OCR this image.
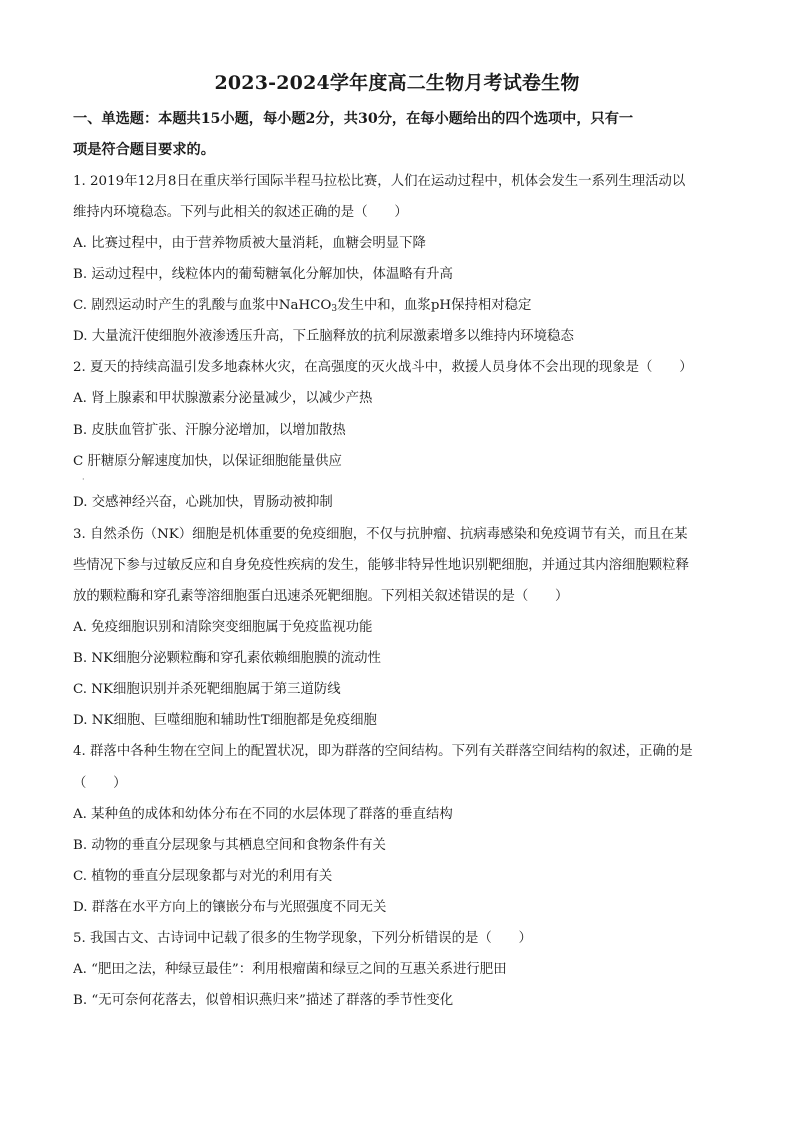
2023-2024学年度高二生物月考试卷生物
一、单选题：本题共15小题，每小题2分，共30分，在每小题给出的四个选项中，只有一
项是符合题目要求的。
1. 2019年12月8日在重庆举行国际半程马拉松比赛，人们在运动过程中，机体会发生一系列生理活动以
维持内环境稳态。下列与此相关的叙述正确的是（　　）
A. 比赛过程中，由于营养物质被大量消耗，血糖会明显下降
B. 运动过程中，线粒体内的葡萄糖氧化分解加快，体温略有升高
C. 剧烈运动时产生的乳酸与血浆中NaHCO$_3$发生中和，血浆pH保持相对稳定
D. 大量流汗使细胞外液渗透压升高，下丘脑释放的抗利尿激素增多以维持内环境稳态
2. 夏天的持续高温引发多地森林火灾，在高强度的灭火战斗中，救援人员身体不会出现的现象是（　　）
A. 肾上腺素和甲状腺激素分泌量减少，以减少产热
B. 皮肤血管扩张、汗腺分泌增加，以增加散热
C 肝糖原分解速度加快，以保证细胞能量供应
·
D. 交感神经兴奋，心跳加快，胃肠动被抑制
3. 自然杀伤（NK）细胞是机体重要的免疫细胞，不仅与抗肿瘤、抗病毒感染和免疫调节有关，而且在某
些情况下参与过敏反应和自身免疫性疾病的发生，能够非特异性地识别靶细胞，并通过其内溶细胞颗粒释
放的颗粒酶和穿孔素等溶细胞蛋白迅速杀死靶细胞。下列相关叙述错误的是（　　）
A. 免疫细胞识别和清除突变细胞属于免疫监视功能
B. NK细胞分泌颗粒酶和穿孔素依赖细胞膜的流动性
C. NK细胞识别并杀死靶细胞属于第三道防线
D. NK细胞、巨噬细胞和辅助性T细胞都是免疫细胞
4. 群落中各种生物在空间上的配置状况，即为群落的空间结构。下列有关群落空间结构的叙述，正确的是
（　　）
A. 某种鱼的成体和幼体分布在不同的水层体现了群落的垂直结构
B. 动物的垂直分层现象与其栖息空间和食物条件有关
C. 植物的垂直分层现象都与对光的利用有关
D. 群落在水平方向上的镶嵌分布与光照强度不同无关
5. 我国古文、古诗词中记载了很多的生物学现象，下列分析错误的是（　　）
A. “肥田之法，种绿豆最佳”：利用根瘤菌和绿豆之间的互惠关系进行肥田
B. “无可奈何花落去，似曾相识燕归来”描述了群落的季节性变化
